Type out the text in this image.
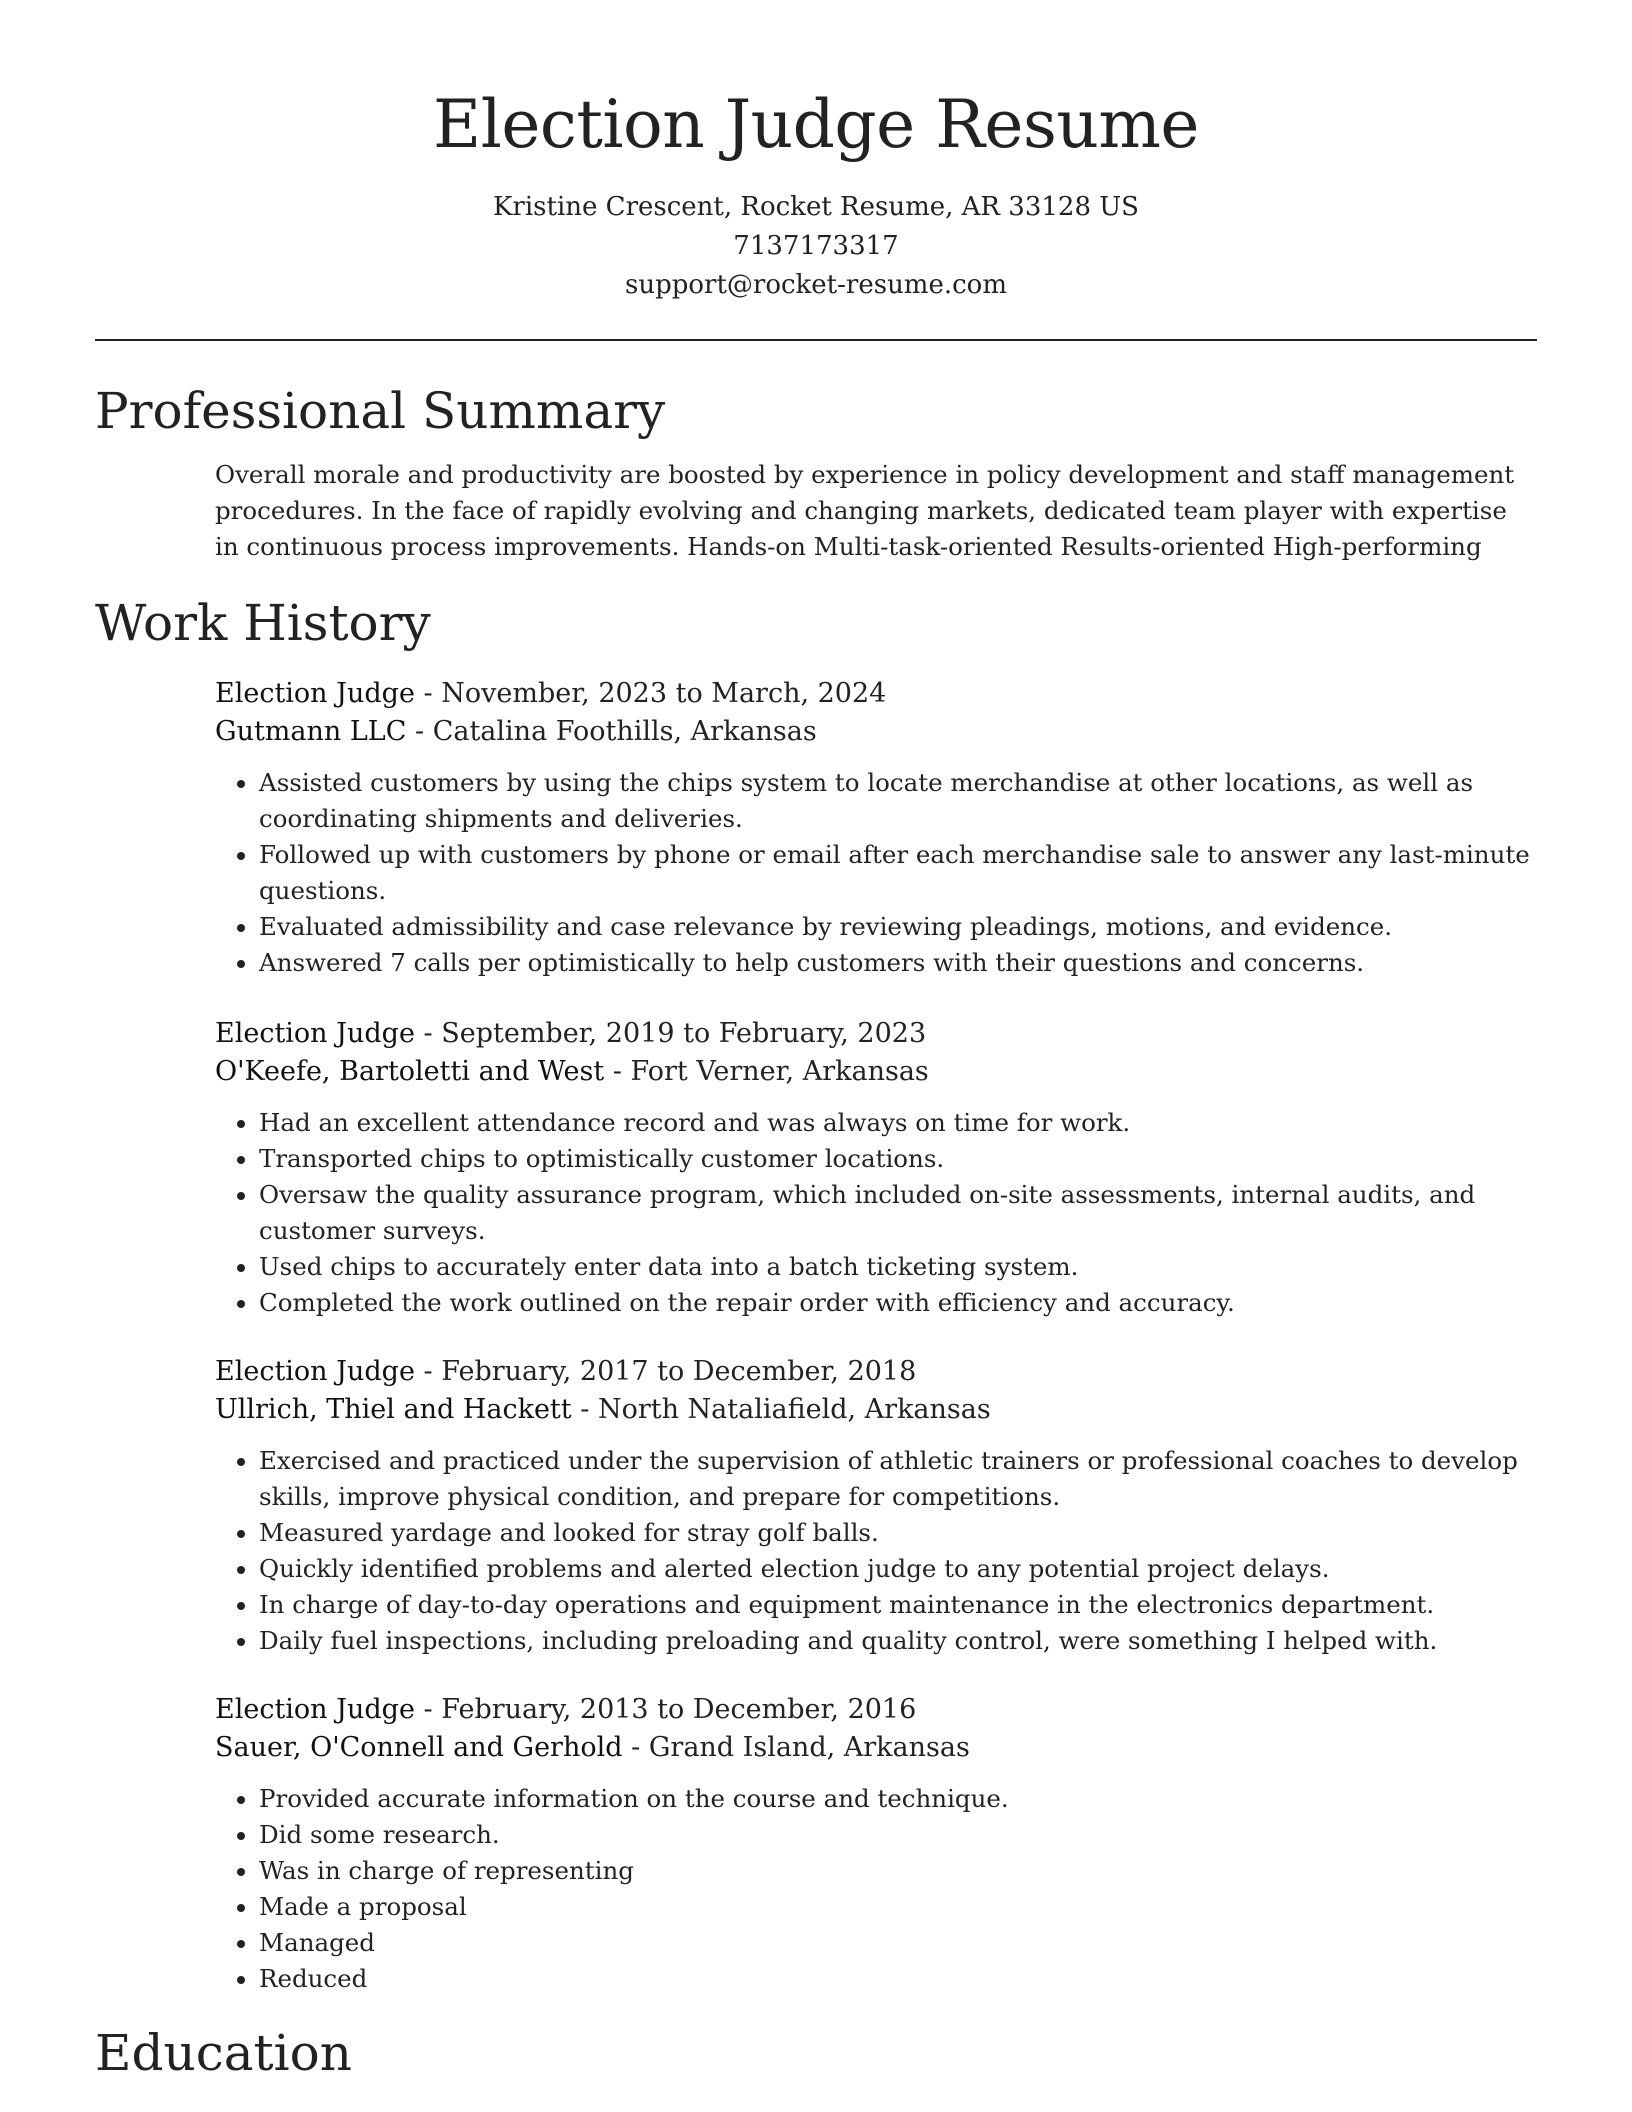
Election Judge Resume
Kristine Crescent, Rocket Resume, AR 33128 US
7137173317
support@rocket-resume.com
Professional Summary

Overall morale and productivity are boosted by experience in policy development and staff management procedures. In the face of rapidly evolving and changing markets, dedicated team player with expertise in continuous process improvements. Hands-on Multi-task-oriented Results-oriented High-performing

Work History
Election Judge - November, 2023 to March, 2024
Gutmann LLC - Catalina Foothills, Arkansas
• Assisted customers by using the chips system to locate merchandise at other locations, as well as coordinating shipments and deliveries.
• Followed up with customers by phone or email after each merchandise sale to answer any last-minute questions.
• Evaluated admissibility and case relevance by reviewing pleadings, motions, and evidence.
• Answered 7 calls per optimistically to help customers with their questions and concerns.
Election Judge - September, 2019 to February, 2023
O'Keefe, Bartoletti and West - Fort Verner, Arkansas
• Had an excellent attendance record and was always on time for work.
• Transported chips to optimistically customer locations.
• Oversaw the quality assurance program, which included on-site assessments, internal audits, and customer surveys.
• Used chips to accurately enter data into a batch ticketing system.
• Completed the work outlined on the repair order with efficiency and accuracy.
Election Judge - February, 2017 to December, 2018
Ullrich, Thiel and Hackett - North Nataliafield, Arkansas
• Exercised and practiced under the supervision of athletic trainers or professional coaches to develop skills, improve physical condition, and prepare for competitions.
• Measured yardage and looked for stray golf balls.
• Quickly identified problems and alerted election judge to any potential project delays.
• In charge of day-to-day operations and equipment maintenance in the electronics department.
• Daily fuel inspections, including preloading and quality control, were something I helped with.
Election Judge - February, 2013 to December, 2016
Sauer, O'Connell and Gerhold - Grand Island, Arkansas
• Provided accurate information on the course and technique.
• Did some research.
• Was in charge of representing
• Made a proposal
• Managed
• Reduced
Education
